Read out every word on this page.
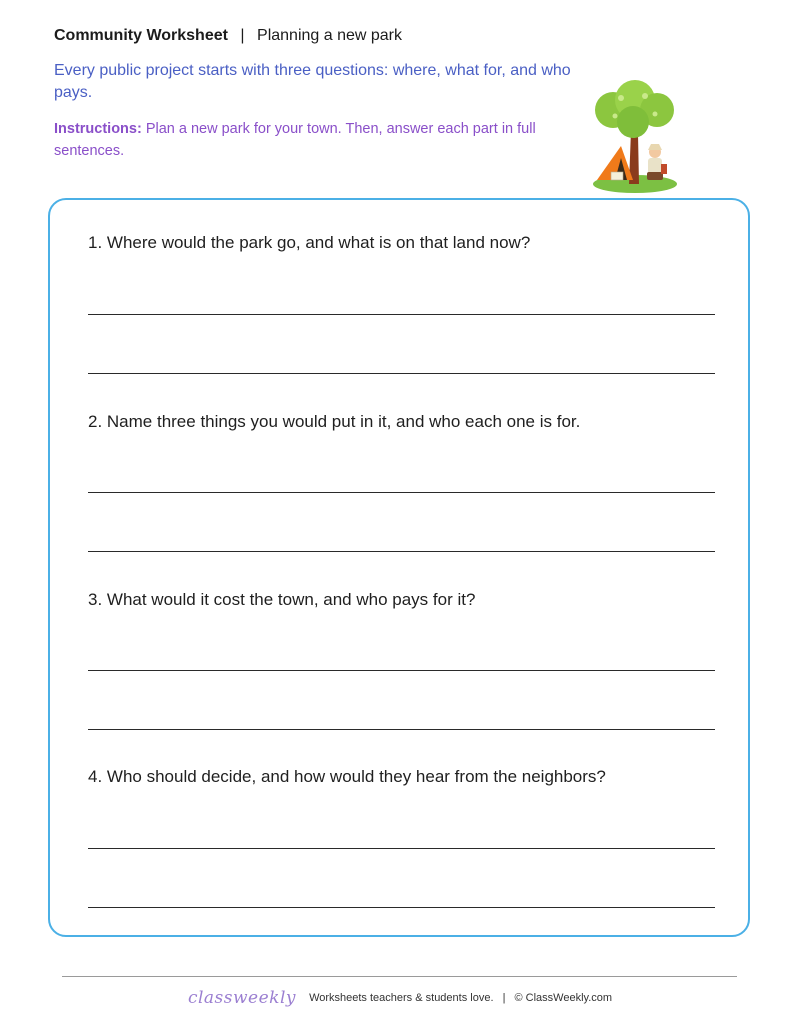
Community Worksheet | Planning a new park
Every public project starts with three questions: where, what for, and who pays.
Instructions: Plan a new park for your town. Then, answer each part in full sentences.
1. Where would the park go, and what is on that land now?
2. Name three things you would put in it, and who each one is for.
3. What would it cost the town, and who pays for it?
4. Who should decide, and how would they hear from the neighbors?
classweekly Worksheets teachers & students love. | © ClassWeekly.com
